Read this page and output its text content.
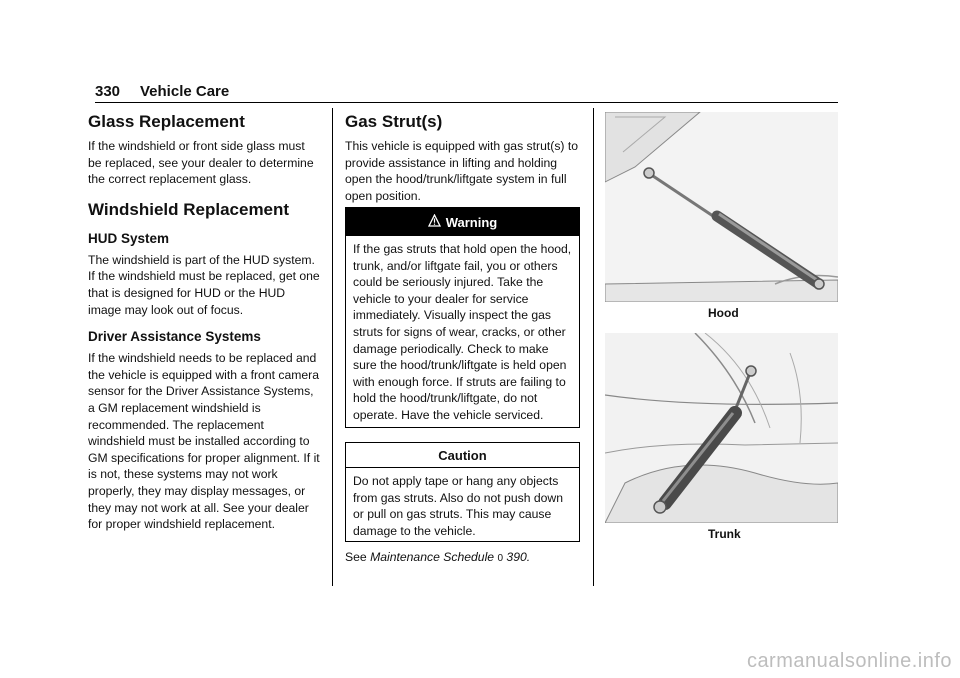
330 Vehicle Care
Glass Replacement

If the windshield or front side glass must be replaced, see your dealer to determine the correct replacement glass.

Windshield Replacement
HUD System

The windshield is part of the HUD system. If the windshield must be replaced, get one that is designed for HUD or the HUD image may look out of focus.

Driver Assistance Systems

If the windshield needs to be replaced and the vehicle is equipped with a front camera sensor for the Driver Assistance Systems, a GM replacement windshield is recommended. The replacement windshield must be installed according to GM specifications for proper alignment. If it is not, these systems may not work properly, they may display messages, or they may not work at all. See your dealer for proper windshield replacement.

Gas Strut(s)

This vehicle is equipped with gas strut(s) to provide assistance in lifting and holding open the hood/trunk/liftgate system in full open position.

Warning
If the gas struts that hold open the hood, trunk, and/or liftgate fail, you or others could be seriously injured. Take the vehicle to your dealer for service immediately. Visually inspect the gas struts for signs of wear, cracks, or other damage periodically. Check to make sure the hood/trunk/liftgate is held open with enough force. If struts are failing to hold the hood/trunk/liftgate, do not operate. Have the vehicle serviced.
Caution
Do not apply tape or hang any objects from gas struts. Also do not push down or pull on gas struts. This may cause damage to the vehicle.
See Maintenance Schedule 0 390.
Hood
Trunk
carmanualsonline.info
